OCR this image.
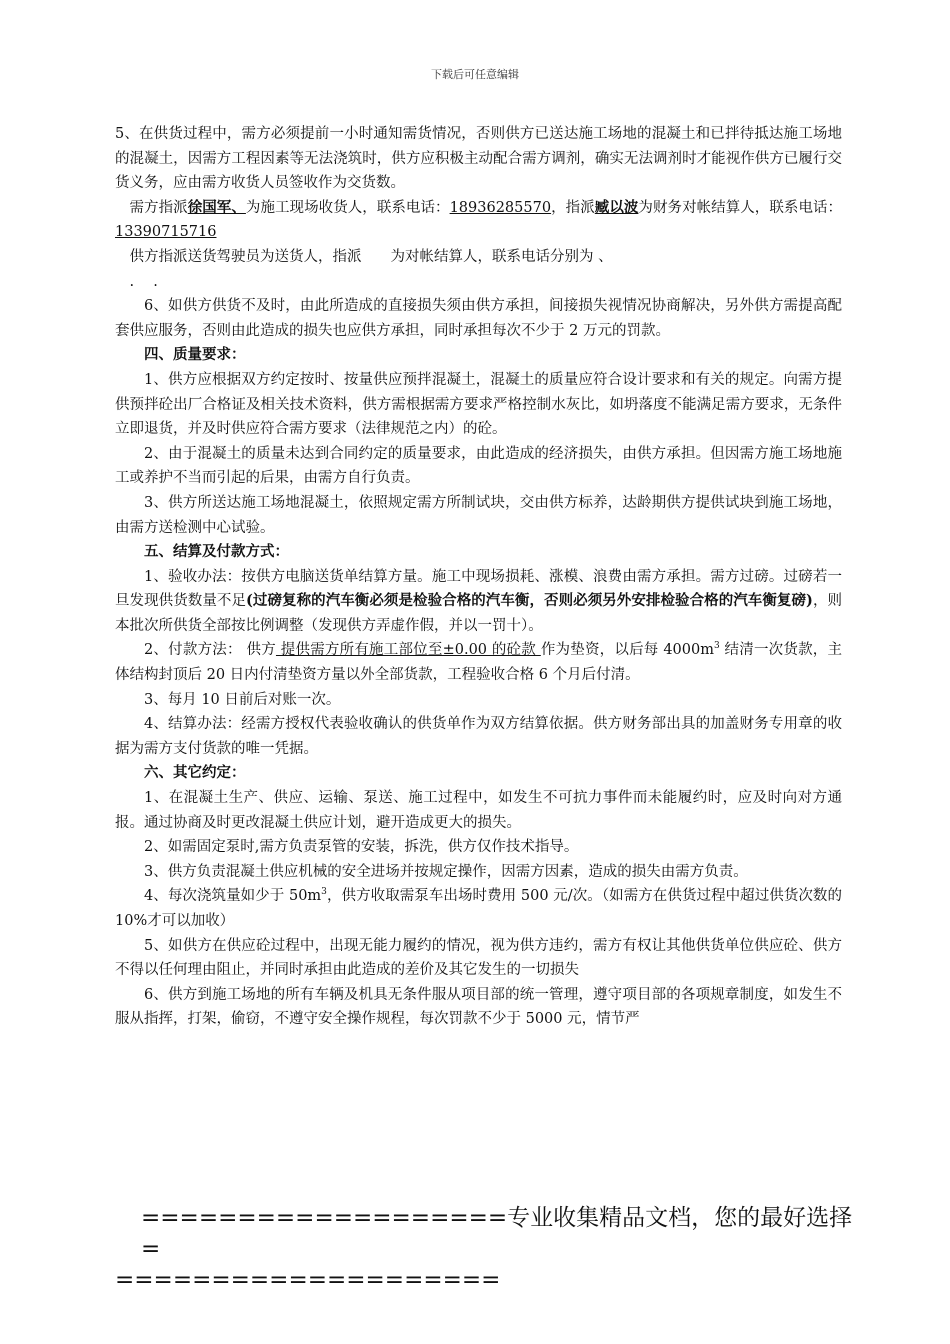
下载后可任意编辑

5、在供货过程中，需方必须提前一小时通知需货情况，否则供方已送达施工场地的混凝土和已拌待抵达施工场地的混凝土，因需方工程因素等无法浇筑时，供方应积极主动配合需方调剂，确实无法调剂时才能视作供方已履行交货义务，应由需方收货人员签收作为交货数。

需方指派徐国军、为施工现场收货人，联系电话：18936285570，指派臧以波为财务对帐结算人，联系电话： 13390715716

供方指派送货驾驶员为送货人，指派　　为对帐结算人，联系电话分别为 、

.　 .

6、如供方供货不及时，由此所造成的直接损失须由供方承担，间接损失视情况协商解决，另外供方需提高配套供应服务，否则由此造成的损失也应供方承担，同时承担每次不少于 2 万元的罚款。

四、质量要求：

1、供方应根据双方约定按时、按量供应预拌混凝土，混凝土的质量应符合设计要求和有关的规定。向需方提供预拌砼出厂合格证及相关技术资料，供方需根据需方要求严格控制水灰比，如坍落度不能满足需方要求，无条件立即退货，并及时供应符合需方要求（法律规范之内）的砼。

2、由于混凝土的质量未达到合同约定的质量要求，由此造成的经济损失，由供方承担。但因需方施工场地施工或养护不当而引起的后果，由需方自行负责。

3、供方所送达施工场地混凝土，依照规定需方所制试块，交由供方标养，达龄期供方提供试块到施工场地，由需方送检测中心试验。

五、结算及付款方式：

1、验收办法：按供方电脑送货单结算方量。施工中现场损耗、涨模、浪费由需方承担。需方过磅。过磅若一旦发现供货数量不足(过磅复称的汽车衡必须是检验合格的汽车衡，否则必须另外安排检验合格的汽车衡复磅)，则本批次所供货全部按比例调整（发现供方弄虚作假，并以一罚十）。

2、付款方法： 供方 提供需方所有施工部位至±0.00 的砼款 作为垫资，以后每 $4000m^3$ 结清一次货款，主体结构封顶后 20 日内付清垫资方量以外全部货款，工程验收合格 6 个月后付清。

3、每月 10 日前后对账一次。

4、结算办法：经需方授权代表验收确认的供货单作为双方结算依据。供方财务部出具的加盖财务专用章的收据为需方支付货款的唯一凭据。

六、其它约定：

1、在混凝土生产、供应、运输、泵送、施工过程中，如发生不可抗力事件而未能履约时，应及时向对方通报。通过协商及时更改混凝土供应计划，避开造成更大的损失。

2、如需固定泵时,需方负责泵管的安装，拆洗，供方仅作技术指导。

3、供方负责混凝土供应机械的安全进场并按规定操作，因需方因素，造成的损失由需方负责。

4、每次浇筑量如少于 $50m^3$，供方收取需泵车出场时费用 500 元/次。（如需方在供货过程中超过供货次数的 10%才可以加收）

5、如供方在供应砼过程中，出现无能力履约的情况，视为供方违约，需方有权让其他供货单位供应砼、供方不得以任何理由阻止，并同时承担由此造成的差价及其它发生的一切损失

6、供方到施工场地的所有车辆及机具无条件服从项目部的统一管理，遵守项目部的各项规章制度，如发生不服从指挥，打架，偷窃，不遵守安全操作规程，每次罚款不少于 5000 元，情节严

===================专业收集精品文档，您的最好选择=
====================
